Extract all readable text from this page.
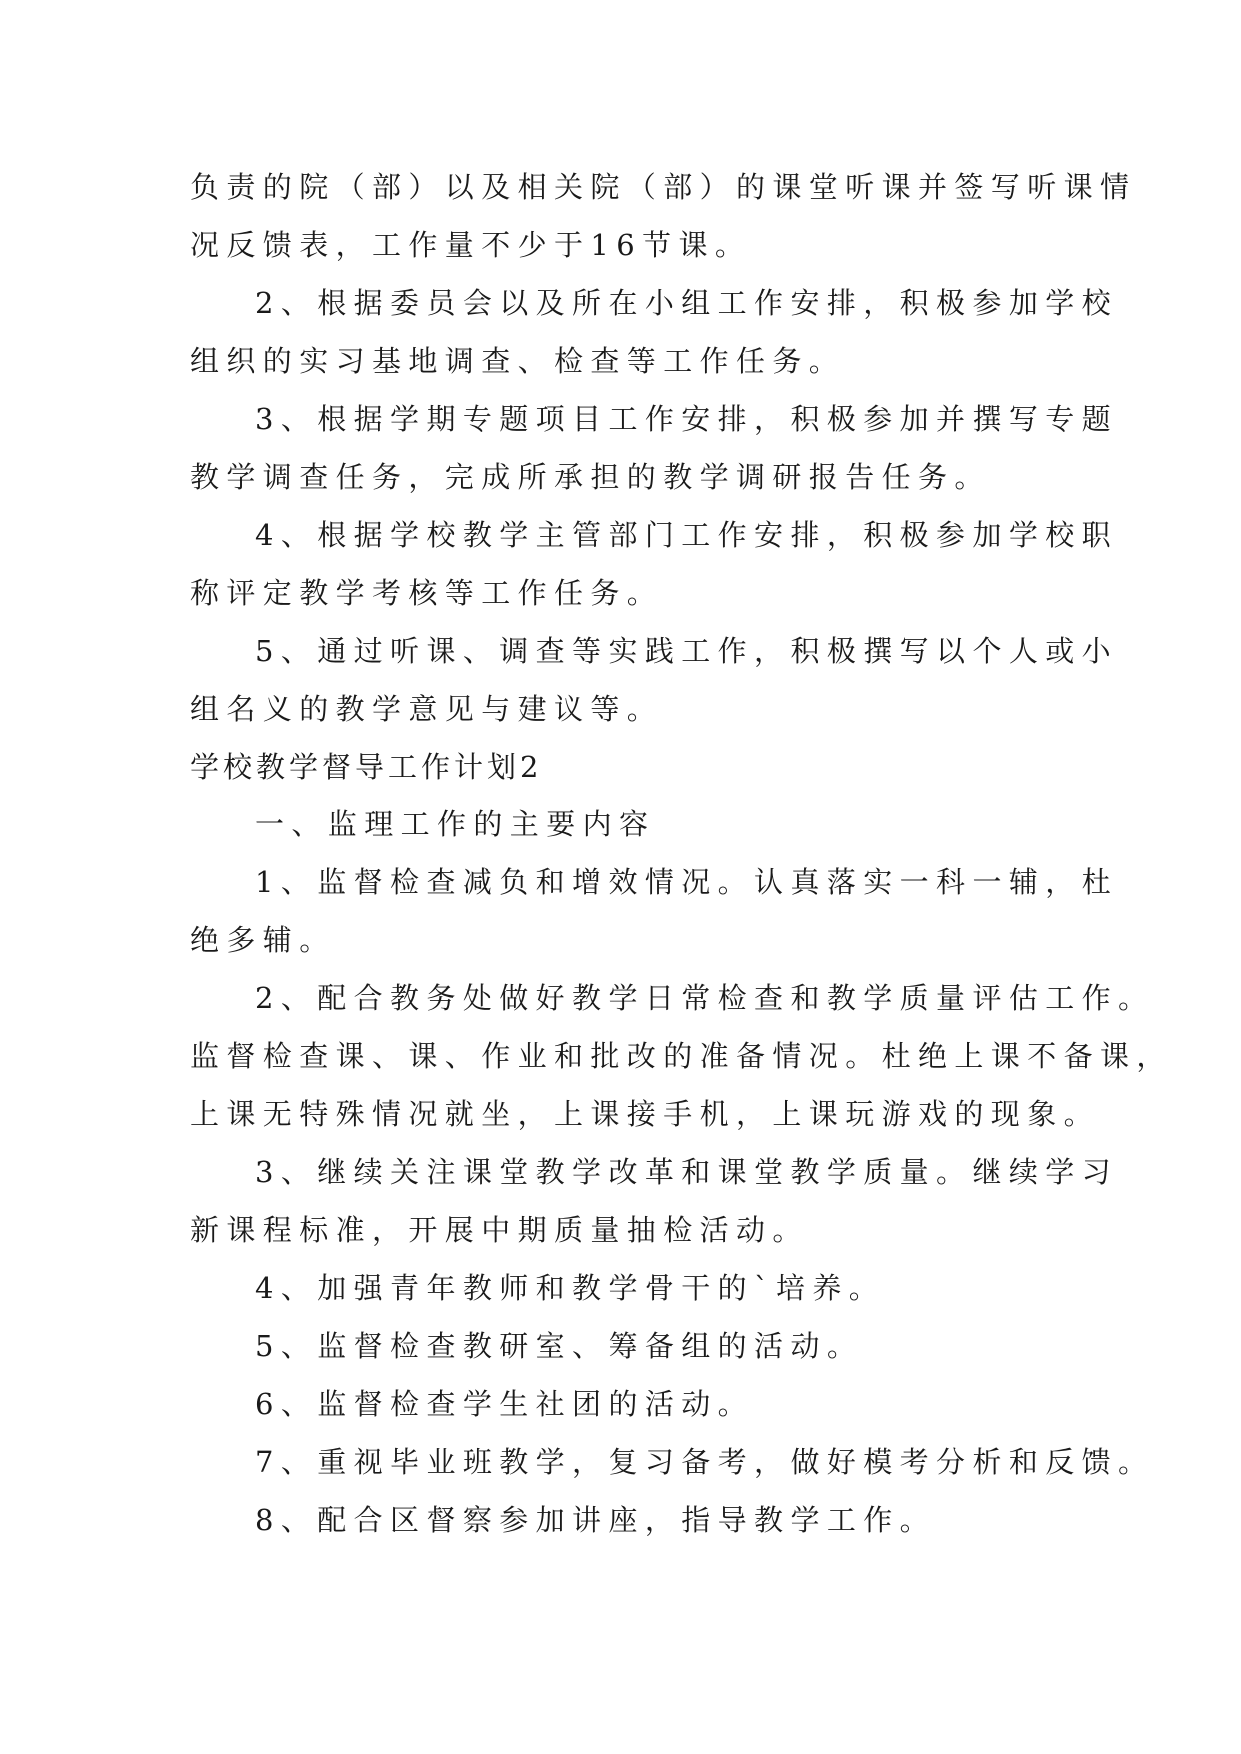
负责的院（部）以及相关院（部）的课堂听课并签写听课情
况反馈表，工作量不少于16节课。
2、根据委员会以及所在小组工作安排，积极参加学校
组织的实习基地调查、检查等工作任务。
3、根据学期专题项目工作安排，积极参加并撰写专题
教学调查任务，完成所承担的教学调研报告任务。
4、根据学校教学主管部门工作安排，积极参加学校职
称评定教学考核等工作任务。
5、通过听课、调查等实践工作，积极撰写以个人或小
组名义的教学意见与建议等。
学校教学督导工作计划2
一、监理工作的主要内容
1、监督检查减负和增效情况。认真落实一科一辅，杜
绝多辅。
2、配合教务处做好教学日常检查和教学质量评估工作。
监督检查课、课、作业和批改的准备情况。杜绝上课不备课，
上课无特殊情况就坐，上课接手机，上课玩游戏的现象。
3、继续关注课堂教学改革和课堂教学质量。继续学习
新课程标准，开展中期质量抽检活动。
4、加强青年教师和教学骨干的`培养。
5、监督检查教研室、筹备组的活动。
6、监督检查学生社团的活动。
7、重视毕业班教学，复习备考，做好模考分析和反馈。
8、配合区督察参加讲座，指导教学工作。
